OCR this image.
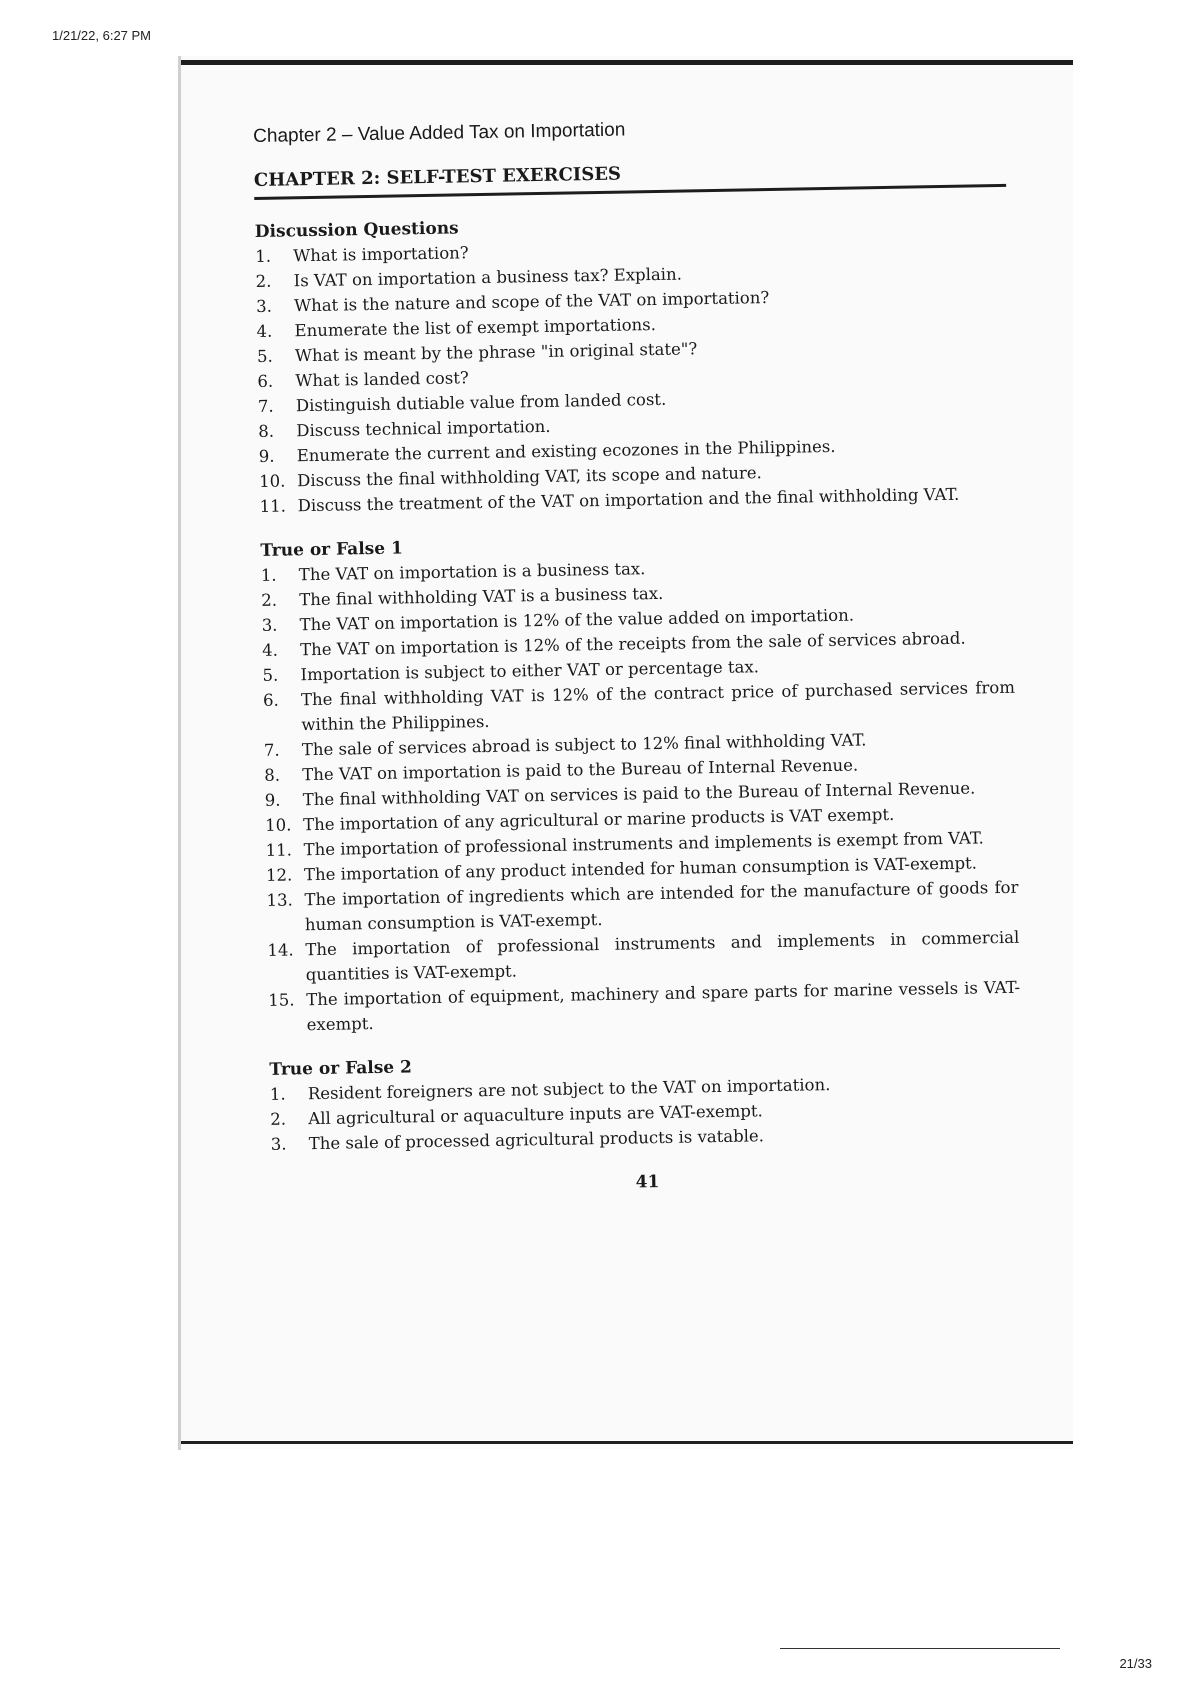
1/21/22, 6:27 PM
Chapter 2 – Value Added Tax on Importation
CHAPTER 2: SELF-TEST EXERCISES
Discussion Questions
1.	What is importation?
2.	Is VAT on importation a business tax? Explain.
3.	What is the nature and scope of the VAT on importation?
4.	Enumerate the list of exempt importations.
5.	What is meant by the phrase "in original state"?
6.	What is landed cost?
7.	Distinguish dutiable value from landed cost.
8.	Discuss technical importation.
9.	Enumerate the current and existing ecozones in the Philippines.
10. Discuss the final withholding VAT, its scope and nature.
11. Discuss the treatment of the VAT on importation and the final withholding VAT.
True or False 1
1.	The VAT on importation is a business tax.
2.	The final withholding VAT is a business tax.
3.	The VAT on importation is 12% of the value added on importation.
4.	The VAT on importation is 12% of the receipts from the sale of services abroad.
5.	Importation is subject to either VAT or percentage tax.
6.	The final withholding VAT is 12% of the contract price of purchased services from within the Philippines.
7.	The sale of services abroad is subject to 12% final withholding VAT.
8.	The VAT on importation is paid to the Bureau of Internal Revenue.
9.	The final withholding VAT on services is paid to the Bureau of Internal Revenue.
10. The importation of any agricultural or marine products is VAT exempt.
11. The importation of professional instruments and implements is exempt from VAT.
12. The importation of any product intended for human consumption is VAT-exempt.
13. The importation of ingredients which are intended for the manufacture of goods for human consumption is VAT-exempt.
14. The importation of professional instruments and implements in commercial quantities is VAT-exempt.
15. The importation of equipment, machinery and spare parts for marine vessels is VAT-exempt.
True or False 2
1.	Resident foreigners are not subject to the VAT on importation.
2.	All agricultural or aquaculture inputs are VAT-exempt.
3.	The sale of processed agricultural products is vatable.
41
21/33
